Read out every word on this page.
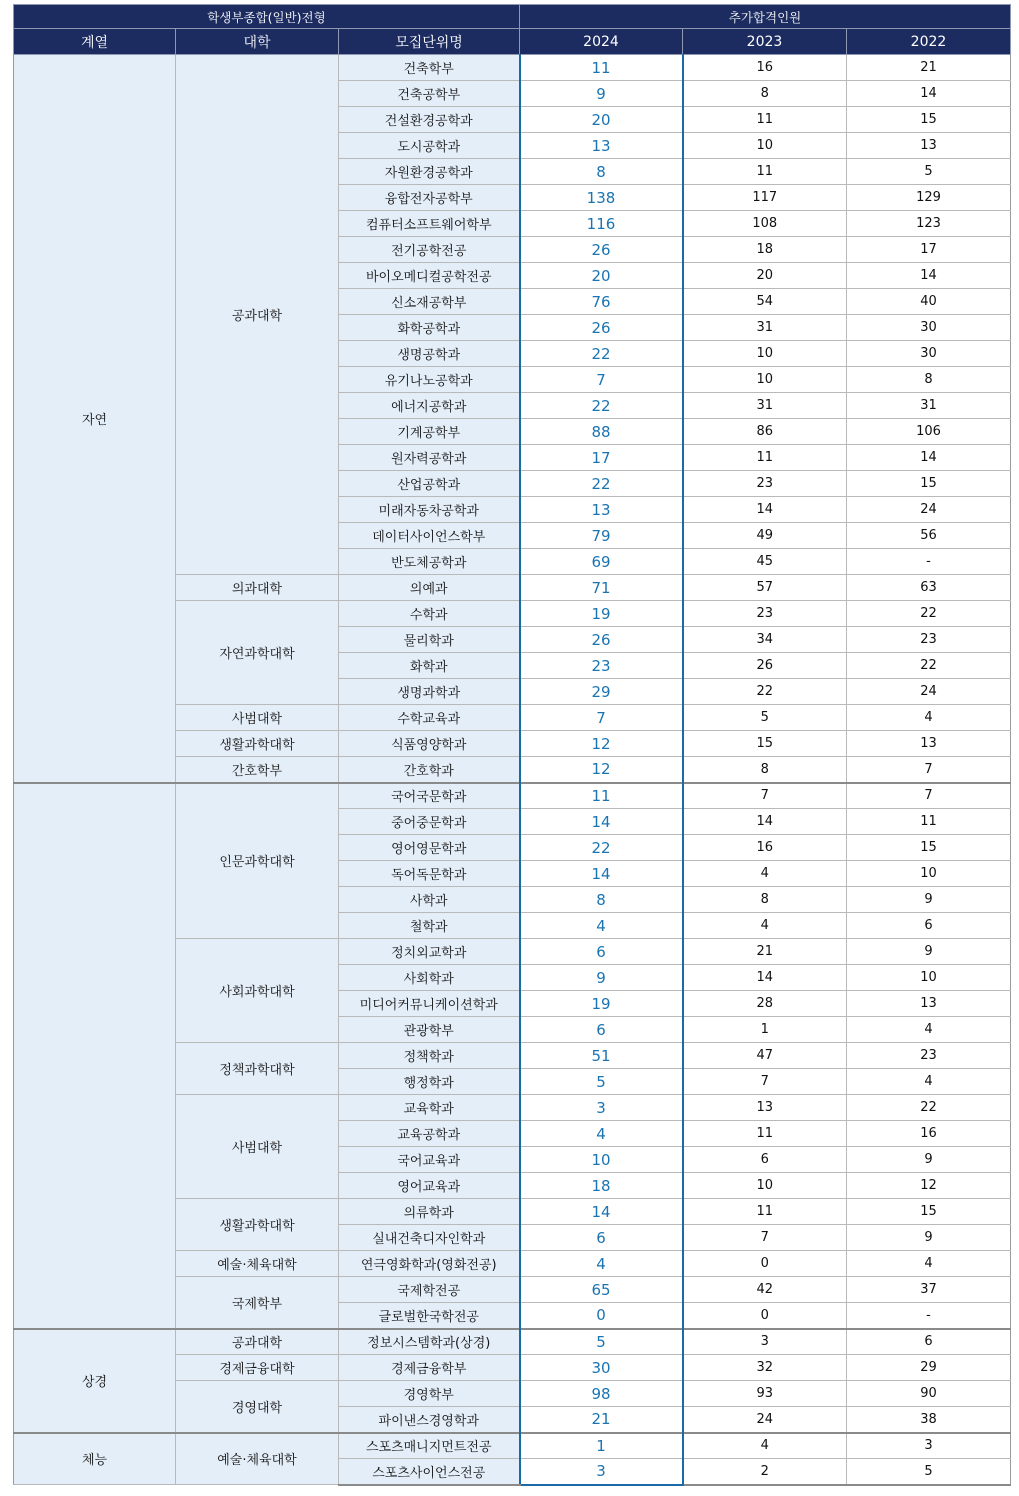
학생부종합(일반)전형			추가합격인원		
계열	대학	모집단위명	2024	2023	2022
자연	공과대학	건축학부	11	16	21
		건축공학부	9	8	14
		건설환경공학과	20	11	15
		도시공학과	13	10	13
		자원환경공학과	8	11	5
		융합전자공학부	138	117	129
		컴퓨터소프트웨어학부	116	108	123
		전기공학전공	26	18	17
		바이오메디컬공학전공	20	20	14
		신소재공학부	76	54	40
		화학공학과	26	31	30
		생명공학과	22	10	30
		유기나노공학과	7	10	8
		에너지공학과	22	31	31
		기계공학부	88	86	106
		원자력공학과	17	11	14
		산업공학과	22	23	15
		미래자동차공학과	13	14	24
		데이터사이언스학부	79	49	56
		반도체공학과	69	45	-
	의과대학	의예과	71	57	63
	자연과학대학	수학과	19	23	22
		물리학과	26	34	23
		화학과	23	26	22
		생명과학과	29	22	24
	사범대학	수학교육과	7	5	4
	생활과학대학	식품영양학과	12	15	13
	간호학부	간호학과	12	8	7
	인문과학대학	국어국문학과	11	7	7
		중어중문학과	14	14	11
		영어영문학과	22	16	15
		독어독문학과	14	4	10
		사학과	8	8	9
		철학과	4	4	6
	사회과학대학	정치외교학과	6	21	9
		사회학과	9	14	10
		미디어커뮤니케이션학과	19	28	13
		관광학부	6	1	4
	정책과학대학	정책학과	51	47	23
		행정학과	5	7	4
	사범대학	교육학과	3	13	22
		교육공학과	4	11	16
		국어교육과	10	6	9
		영어교육과	18	10	12
	생활과학대학	의류학과	14	11	15
		실내건축디자인학과	6	7	9
	예술·체육대학	연극영화학과(영화전공)	4	0	4
	국제학부	국제학전공	65	42	37
		글로벌한국학전공	0	0	-
상경	공과대학	정보시스템학과(상경)	5	3	6
	경제금융대학	경제금융학부	30	32	29
	경영대학	경영학부	98	93	90
		파이낸스경영학과	21	24	38
체능	예술·체육대학	스포츠매니지먼트전공	1	4	3
		스포츠사이언스전공	3	2	5
